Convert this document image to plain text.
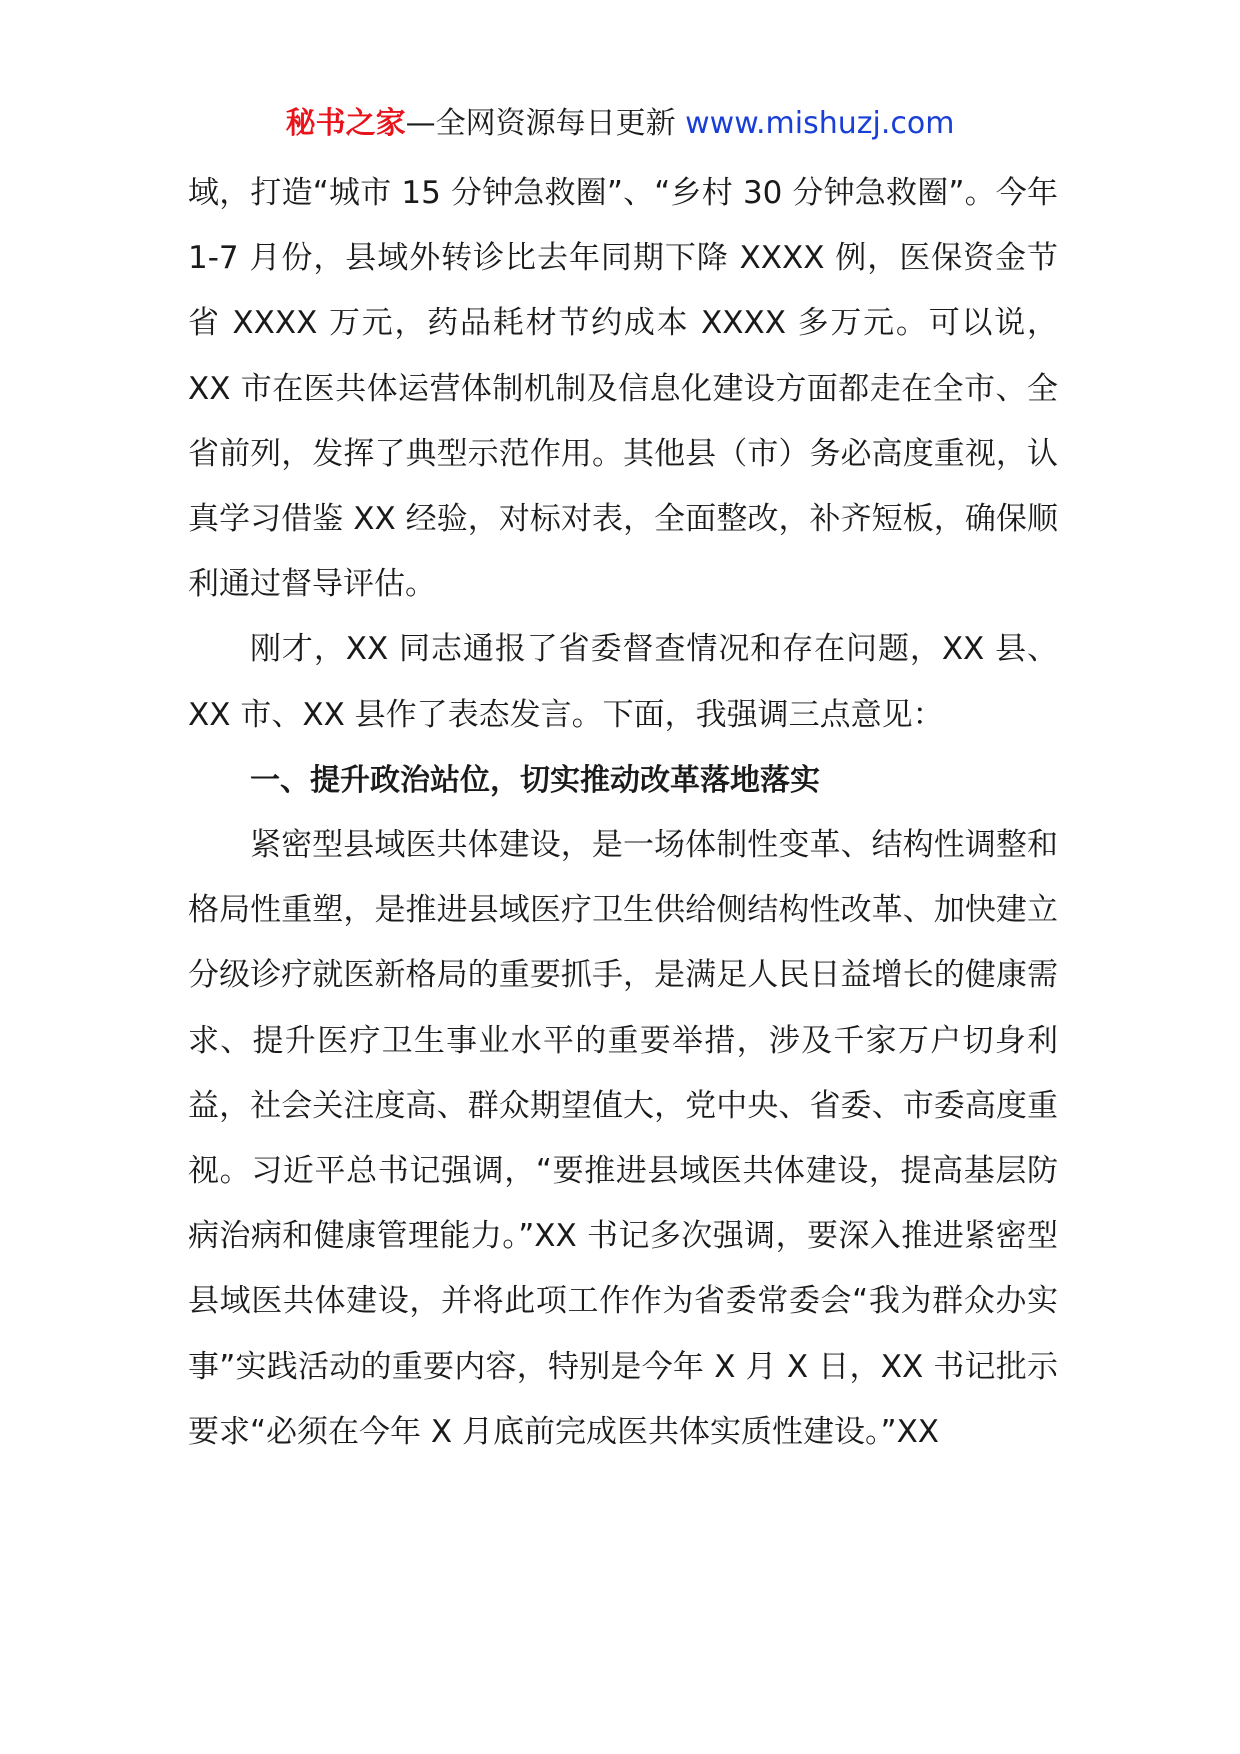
秘书之家—全网资源每日更新 www.mishuzj.com

域，打造“城市 15 分钟急救圈”、“乡村 30 分钟急救圈”。今年 1-7 月份，县域外转诊比去年同期下降 XXXX 例，医保资金节省 XXXX 万元，药品耗材节约成本 XXXX 多万元。可以说，XX 市在医共体运营体制机制及信息化建设方面都走在全市、全省前列，发挥了典型示范作用。其他县（市）务必高度重视，认真学习借鉴 XX 经验，对标对表，全面整改，补齐短板，确保顺利通过督导评估。

刚才，XX 同志通报了省委督查情况和存在问题，XX 县、XX 市、XX 县作了表态发言。下面，我强调三点意见：

一、提升政治站位，切实推动改革落地落实

紧密型县域医共体建设，是一场体制性变革、结构性调整和格局性重塑，是推进县域医疗卫生供给侧结构性改革、加快建立分级诊疗就医新格局的重要抓手，是满足人民日益增长的健康需求、提升医疗卫生事业水平的重要举措，涉及千家万户切身利益，社会关注度高、群众期望值大，党中央、省委、市委高度重视。习近平总书记强调，“要推进县域医共体建设，提高基层防病治病和健康管理能力。”XX 书记多次强调，要深入推进紧密型县域医共体建设，并将此项工作作为省委常委会“我为群众办实事”实践活动的重要内容，特别是今年 X 月 X 日，XX 书记批示要求“必须在今年 X 月底前完成医共体实质性建设。”XX
